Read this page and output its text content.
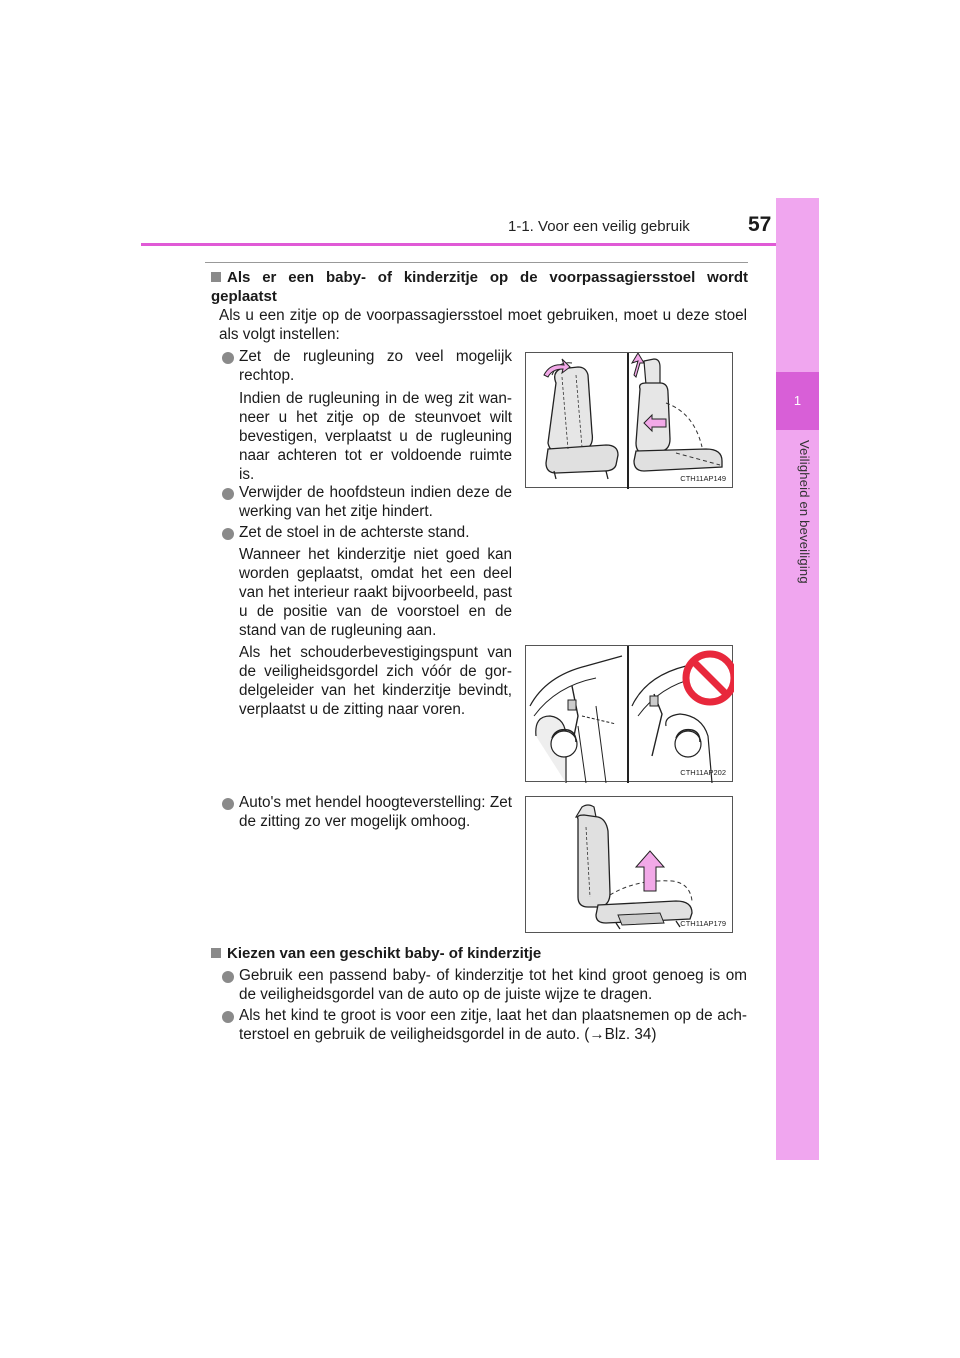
1-1. Voor een veilig gebruik	57
1
Veiligheid en beveiliging
Als er een baby- of kinderzitje op de voorpassagiersstoel wordt geplaatst
Als u een zitje op de voorpassagiersstoel moet gebruiken, moet u deze stoel als volgt instellen:
Zet de rugleuning zo veel mogelijk rechtop.
Indien de rugleuning in de weg zit wan- neer u het zitje op de steunvoet wilt bevestigen, verplaatst u de rugleuning naar achteren tot er voldoende ruimte is.
Verwijder de hoofdsteun indien deze de werking van het zitje hindert.
Zet de stoel in de achterste stand.
Wanneer het kinderzitje niet goed kan worden geplaatst, omdat het een deel van het interieur raakt bijvoorbeeld, past u de positie van de voorstoel en de stand van de rugleuning aan.
Als het schouderbevestigingspunt van de veiligheidsgordel zich vóór de gor- delgeleider van het kinderzitje bevindt, verplaatst u de zitting naar voren.
Auto's met hendel hoogteverstelling: Zet de zitting zo ver mogelijk omhoog.
CTH11AP149
CTH11AP202
CTH11AP179
Kiezen van een geschikt baby- of kinderzitje
Gebruik een passend baby- of kinderzitje tot het kind groot genoeg is om de veiligheidsgordel van de auto op de juiste wijze te dragen.
Als het kind te groot is voor een zitje, laat het dan plaatsnemen op de ach- terstoel en gebruik de veiligheidsgordel in de auto. (→Blz. 34)
